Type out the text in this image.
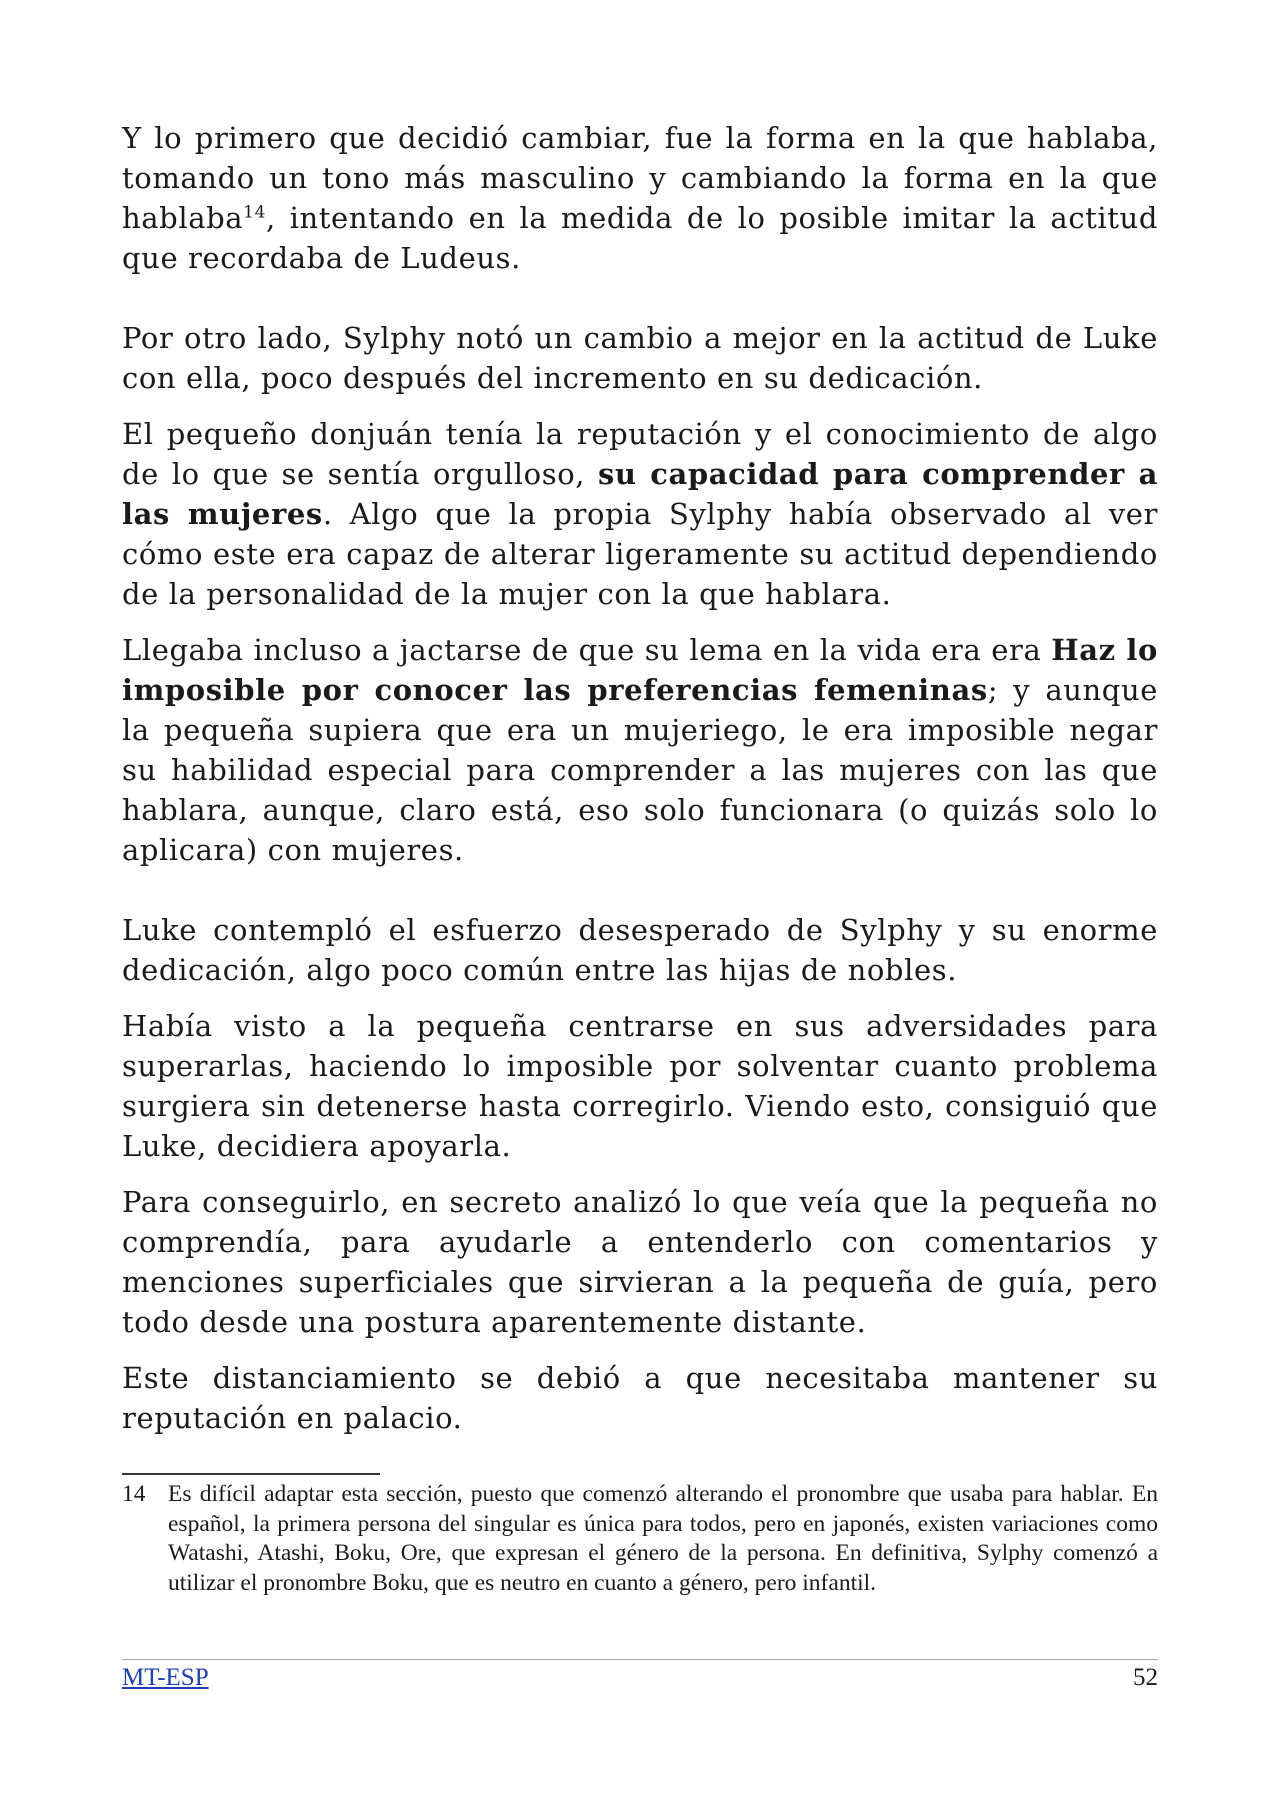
Y lo primero que decidió cambiar, fue la forma en la que hablaba, tomando un tono más masculino y cambiando la forma en la que hablaba$^{14}$, intentando en la medida de lo posible imitar la actitud que recordaba de Ludeus.

Por otro lado, Sylphy notó un cambio a mejor en la actitud de Luke con ella, poco después del incremento en su dedicación.

El pequeño donjuán tenía la reputación y el conocimiento de algo de lo que se sentía orgulloso, su capacidad para comprender a las mujeres. Algo que la propia Sylphy había observado al ver cómo este era capaz de alterar ligeramente su actitud dependiendo de la personalidad de la mujer con la que hablara.

Llegaba incluso a jactarse de que su lema en la vida era era Haz lo imposible por conocer las preferencias femeninas; y aunque la pequeña supiera que era un mujeriego, le era imposible negar su habilidad especial para comprender a las mujeres con las que hablara, aunque, claro está, eso solo funcionara (o quizás solo lo aplicara) con mujeres.

Luke contempló el esfuerzo desesperado de Sylphy y su enorme dedicación, algo poco común entre las hijas de nobles.

Había visto a la pequeña centrarse en sus adversidades para superarlas, haciendo lo imposible por solventar cuanto problema surgiera sin detenerse hasta corregirlo. Viendo esto, consiguió que Luke, decidiera apoyarla.

Para conseguirlo, en secreto analizó lo que veía que la pequeña no comprendía, para ayudarle a entenderlo con comentarios y menciones superficiales que sirvieran a la pequeña de guía, pero todo desde una postura aparentemente distante.

Este distanciamiento se debió a que necesitaba mantener su reputación en palacio.

14 Es difícil adaptar esta sección, puesto que comenzó alterando el pronombre que usaba para hablar. En español, la primera persona del singular es única para todos, pero en japonés, existen variaciones como Watashi, Atashi, Boku, Ore, que expresan el género de la persona. En definitiva, Sylphy comenzó a utilizar el pronombre Boku, que es neutro en cuanto a género, pero infantil.
MT-ESP	52
